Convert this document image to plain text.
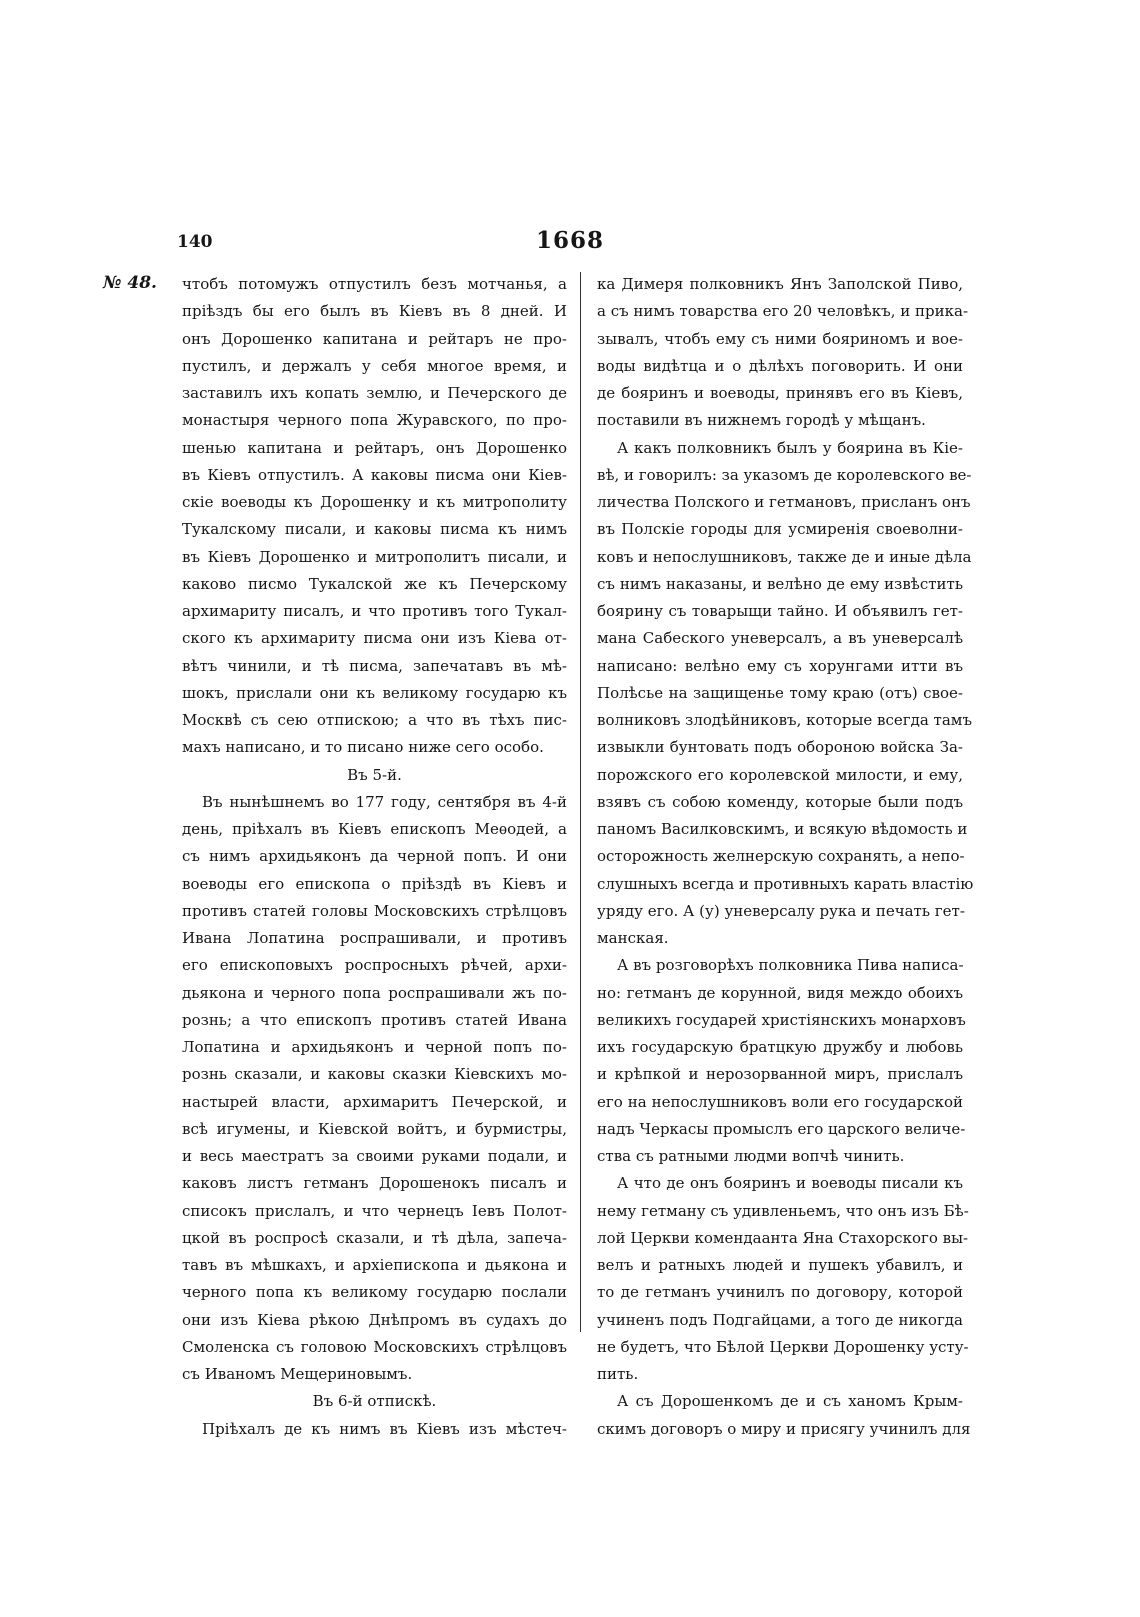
140	1668
№ 48. чтобъ потомужъ отпустилъ безъ мотчанья, а
пріѣздъ бы его былъ въ Кіевъ въ 8 дней. И
онъ Дорошенко капитана и рейтаръ не про-
пустилъ, и держалъ у себя многое время, и
заставилъ ихъ копать землю, и Печерского де
монастыря черного попа Журавского, по про-
шенью капитана и рейтаръ, онъ Дорошенко
въ Кіевъ отпустилъ. А каковы писма они Кіев-
скіе воеводы къ Дорошенку и къ митрополиту
Тукалскому писали, и каковы писма къ нимъ
въ Кіевъ Дорошенко и митрополитъ писали, и
каково писмо Тукалской же къ Печерскому
архимариту писалъ, и что противъ того Тукал-
ского къ архимариту писма они изъ Кіева от-
вѣтъ чинили, и тѣ писма, запечатавъ въ мѣ-
шокъ, прислали они къ великому государю къ
Москвѣ съ сею отпискою; а что въ тѣхъ пис-
махъ написано, и то писано ниже сего особо.
Въ 5-й.
Въ нынѣшнемъ во 177 году, сентября въ 4-й
день, пріѣхалъ въ Кіевъ епископъ Меѳодей, а
съ нимъ архидьяконъ да черной попъ. И они
воеводы его епископа о пріѣздѣ въ Кіевъ и
противъ статей головы Московскихъ стрѣлцовъ
Ивана Лопатина роспрашивали, и противъ
его епископовыхъ роспросныхъ рѣчей, архи-
дьякона и черного попа роспрашивали жъ по-
рознь; а что епископъ противъ статей Ивана
Лопатина и архидьяконъ и черной попъ по-
рознь сказали, и каковы сказки Кіевскихъ мо-
настырей власти, архимаритъ Печерской, и
всѣ игумены, и Кіевской войтъ, и бурмистры,
и весь маестратъ за своими руками подали, и
каковъ листъ гетманъ Дорошенокъ писалъ и
списокъ прислалъ, и что чернецъ Іевъ Полот-
цкой въ роспросѣ сказали, и тѣ дѣла, запеча-
тавъ въ мѣшкахъ, и архіепископа и дьякона и
черного попа къ великому государю послали
они изъ Кіева рѣкою Днѣпромъ въ судахъ до
Смоленска съ головою Московскихъ стрѣлцовъ
съ Иваномъ Мещериновымъ.
Въ 6-й отпискѣ.
Пріѣхалъ де къ нимъ въ Кіевъ изъ мѣстеч-
ка Димеря полковникъ Янъ Заполской Пиво,
а съ нимъ товарства его 20 человѣкъ, и прика-
зывалъ, чтобъ ему съ ними бояриномъ и вое-
воды видѣтца и о дѣлѣхъ поговорить. И они
де бояринъ и воеводы, принявъ его въ Кіевъ,
поставили въ нижнемъ городѣ у мѣщанъ.
А какъ полковникъ былъ у боярина въ Кіе-
вѣ, и говорилъ: за указомъ де королевского ве-
личества Полского и гетмановъ, присланъ онъ
въ Полскіе городы для усмиренія своеволни-
ковъ и непослушниковъ, также де и иные дѣла
съ нимъ наказаны, и велѣно де ему извѣстить
боярину съ товарыщи тайно. И объявилъ гет-
мана Сабеского уневерсалъ, а въ уневерсалѣ
написано: велѣно ему съ хорунгами итти въ
Полѣсье на защищенье тому краю (отъ) свое-
волниковъ злодѣйниковъ, которые всегда тамъ
извыкли бунтовать подъ обороною войска За-
порожского его королевской милости, и ему,
взявъ съ собою коменду, которые были подъ
паномъ Василковскимъ, и всякую вѣдомость и
осторожность желнерскую сохранять, а непо-
слушныхъ всегда и противныхъ карать властію
уряду его. А (у) уневерсалу рука и печать гет-
манская.
А въ розговорѣхъ полковника Пива написа-
но: гетманъ де корунной, видя междо обоихъ
великихъ государей христіянскихъ монарховъ
ихъ государскую братцкую дружбу и любовь
и крѣпкой и нерозорванной миръ, прислалъ
его на непослушниковъ воли его государской
надъ Черкасы промыслъ его царского величе-
ства съ ратными людми вопчѣ чинить.
А что де онъ бояринъ и воеводы писали къ
нему гетману съ удивленьемъ, что онъ изъ Бѣ-
лой Церкви комендаанта Яна Стахорского вы-
велъ и ратныхъ людей и пушекъ убавилъ, и
то де гетманъ учинилъ по договору, которой
учиненъ подъ Подгайцами, а того де никогда
не будетъ, что Бѣлой Церкви Дорошенку усту-
пить.
А съ Дорошенкомъ де и съ ханомъ Крым-
скимъ договоръ о миру и присягу учинилъ для
